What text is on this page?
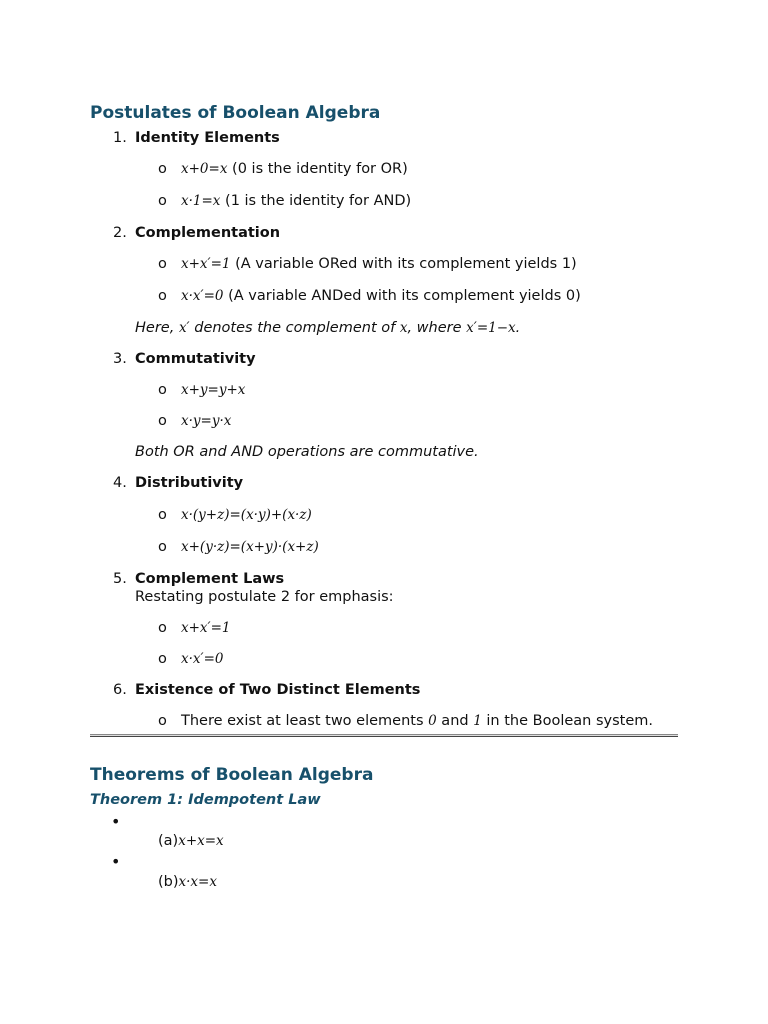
Postulates of Boolean Algebra
1. Identity Elements
o x+0=x (0 is the identity for OR)
o x·1=x (1 is the identity for AND)
2. Complementation
o x+x′=1 (A variable ORed with its complement yields 1)
o x·x′=0 (A variable ANDed with its complement yields 0)
Here, x′ denotes the complement of x, where x′=1−x.
3. Commutativity
o x+y=y+x
o x·y=y·x
Both OR and AND operations are commutative.
4. Distributivity
o x·(y+z)=(x·y)+(x·z)
o x+(y·z)=(x+y)·(x+z)
5. Complement Laws
Restating postulate 2 for emphasis:
o x+x′=1
o x·x′=0
6. Existence of Two Distinct Elements
o There exist at least two elements 0 and 1 in the Boolean system.
Theorems of Boolean Algebra
Theorem 1: Idempotent Law
•
(a)x+x=x
•
(b)x·x=x
